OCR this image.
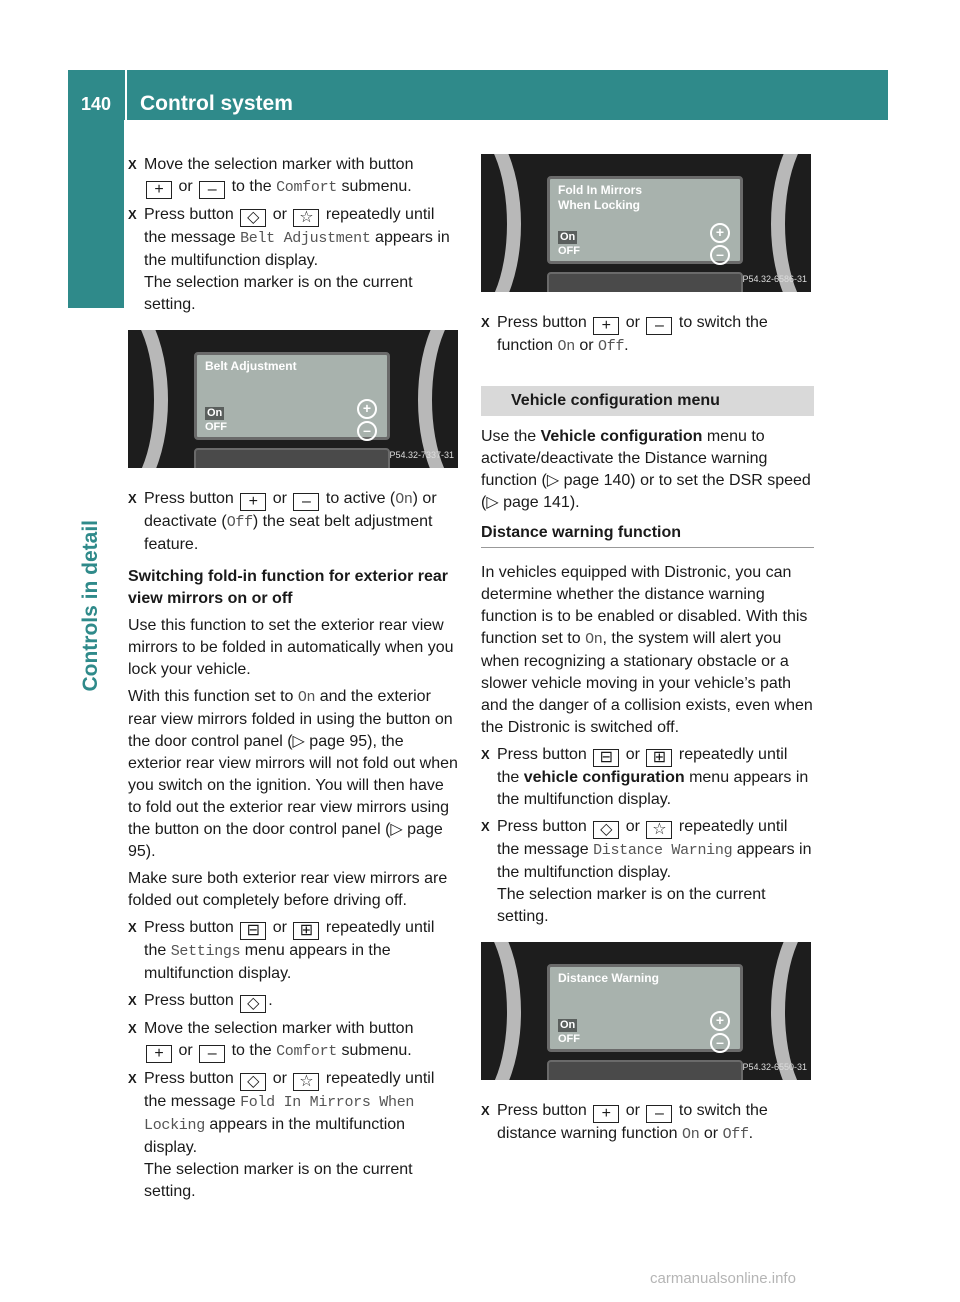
140	Control system
Controls in detail
X Move the selection marker with button
+ or – to the Comfort submenu.
X Press button ◇ or ☆ repeatedly until the message Belt Adjustment appears in the multifunction display.
The selection marker is on the current setting.
Belt Adjustment
On
OFF
+
–
P54.32-7337-31
X Press button + or – to active (On) or deactivate (Off) the seat belt adjustment feature.
Switching fold-in function for exterior rear view mirrors on or off

Use this function to set the exterior rear view mirrors to be folded in automatically when you lock your vehicle.

With this function set to On and the exterior rear view mirrors folded in using the button on the door control panel (▷ page 95), the exterior rear view mirrors will not fold out when you switch on the ignition. You will then have to fold out the exterior rear view mirrors using the button on the door control panel (▷ page 95).

Make sure both exterior rear view mirrors are folded out completely before driving off.

X Press button ⊟ or ⊞ repeatedly until the Settings menu appears in the multifunction display.
X Press button ◇ .
X Move the selection marker with button
+ or – to the Comfort submenu.
X Press button ◇ or ☆ repeatedly until the message Fold In Mirrors When Locking appears in the multifunction display.
The selection marker is on the current setting.
Fold In Mirrors
When Locking
On
OFF
+
–
P54.32-6586-31
X Press button + or – to switch the function On or Off.
Vehicle configuration menu

Use the Vehicle configuration menu to activate/deactivate the Distance warning function (▷ page 140) or to set the DSR speed (▷ page 141).

Distance warning function

In vehicles equipped with Distronic, you can determine whether the distance warning function is to be enabled or disabled. With this function set to On, the system will alert you when recognizing a stationary obstacle or a slower vehicle moving in your vehicle’s path and the danger of a collision exists, even when the Distronic is switched off.

X Press button ⊟ or ⊞ repeatedly until the vehicle configuration menu appears in the multifunction display.
X Press button ◇ or ☆ repeatedly until the message Distance Warning appears in the multifunction display.
The selection marker is on the current setting.
Distance Warning
On
OFF
+
–
P54.32-6550-31
X Press button + or – to switch the distance warning function On or Off.
carmanualsonline.info
